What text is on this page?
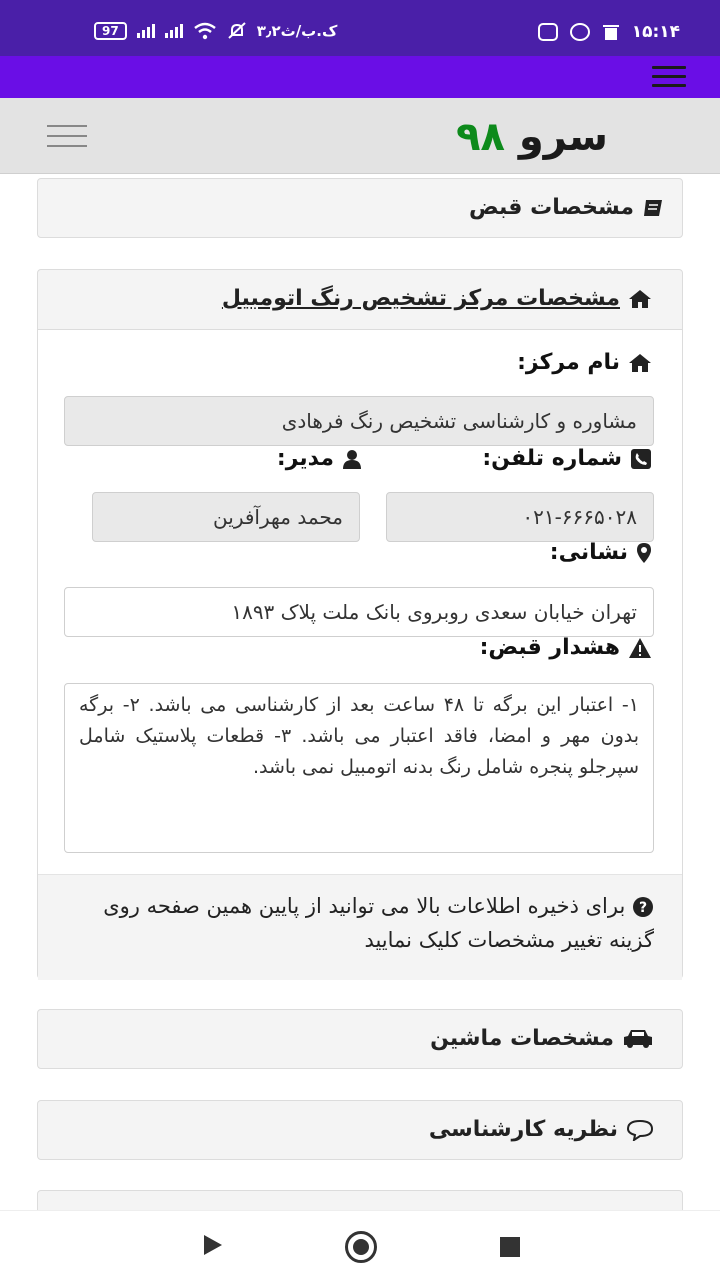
97	۳٫۲ک.ب/ث	۱۵:۱۴
سرو ۹۸
مشخصات قبض
مشخصات مرکز تشخیص رنگ اتومبیل
نام مرکز:
مشاوره و کارشناسی تشخیص رنگ فرهادی
شماره تلفن:
مدیر:
۰۲۱-۶۶۶۵۰۲۸
محمد مهرآفرین
نشانی:
تهران خیابان سعدی روبروی بانک ملت پلاک ۱۸۹۳
هشدار قبض:
۱- اعتبار این برگه تا ۴۸ ساعت بعد از کارشناسی می باشد. ۲- برگه بدون مهر و امضا، فاقد اعتبار می باشد. ۳- قطعات پلاستیک شامل سپرجلو پنجره شامل رنگ بدنه اتومبیل نمی باشد.
?
برای ذخیره اطلاعات بالا می توانید از پایین همین صفحه روی گزینه تغییر مشخصات کلیک نمایید
مشخصات ماشین
نظریه کارشناسی
